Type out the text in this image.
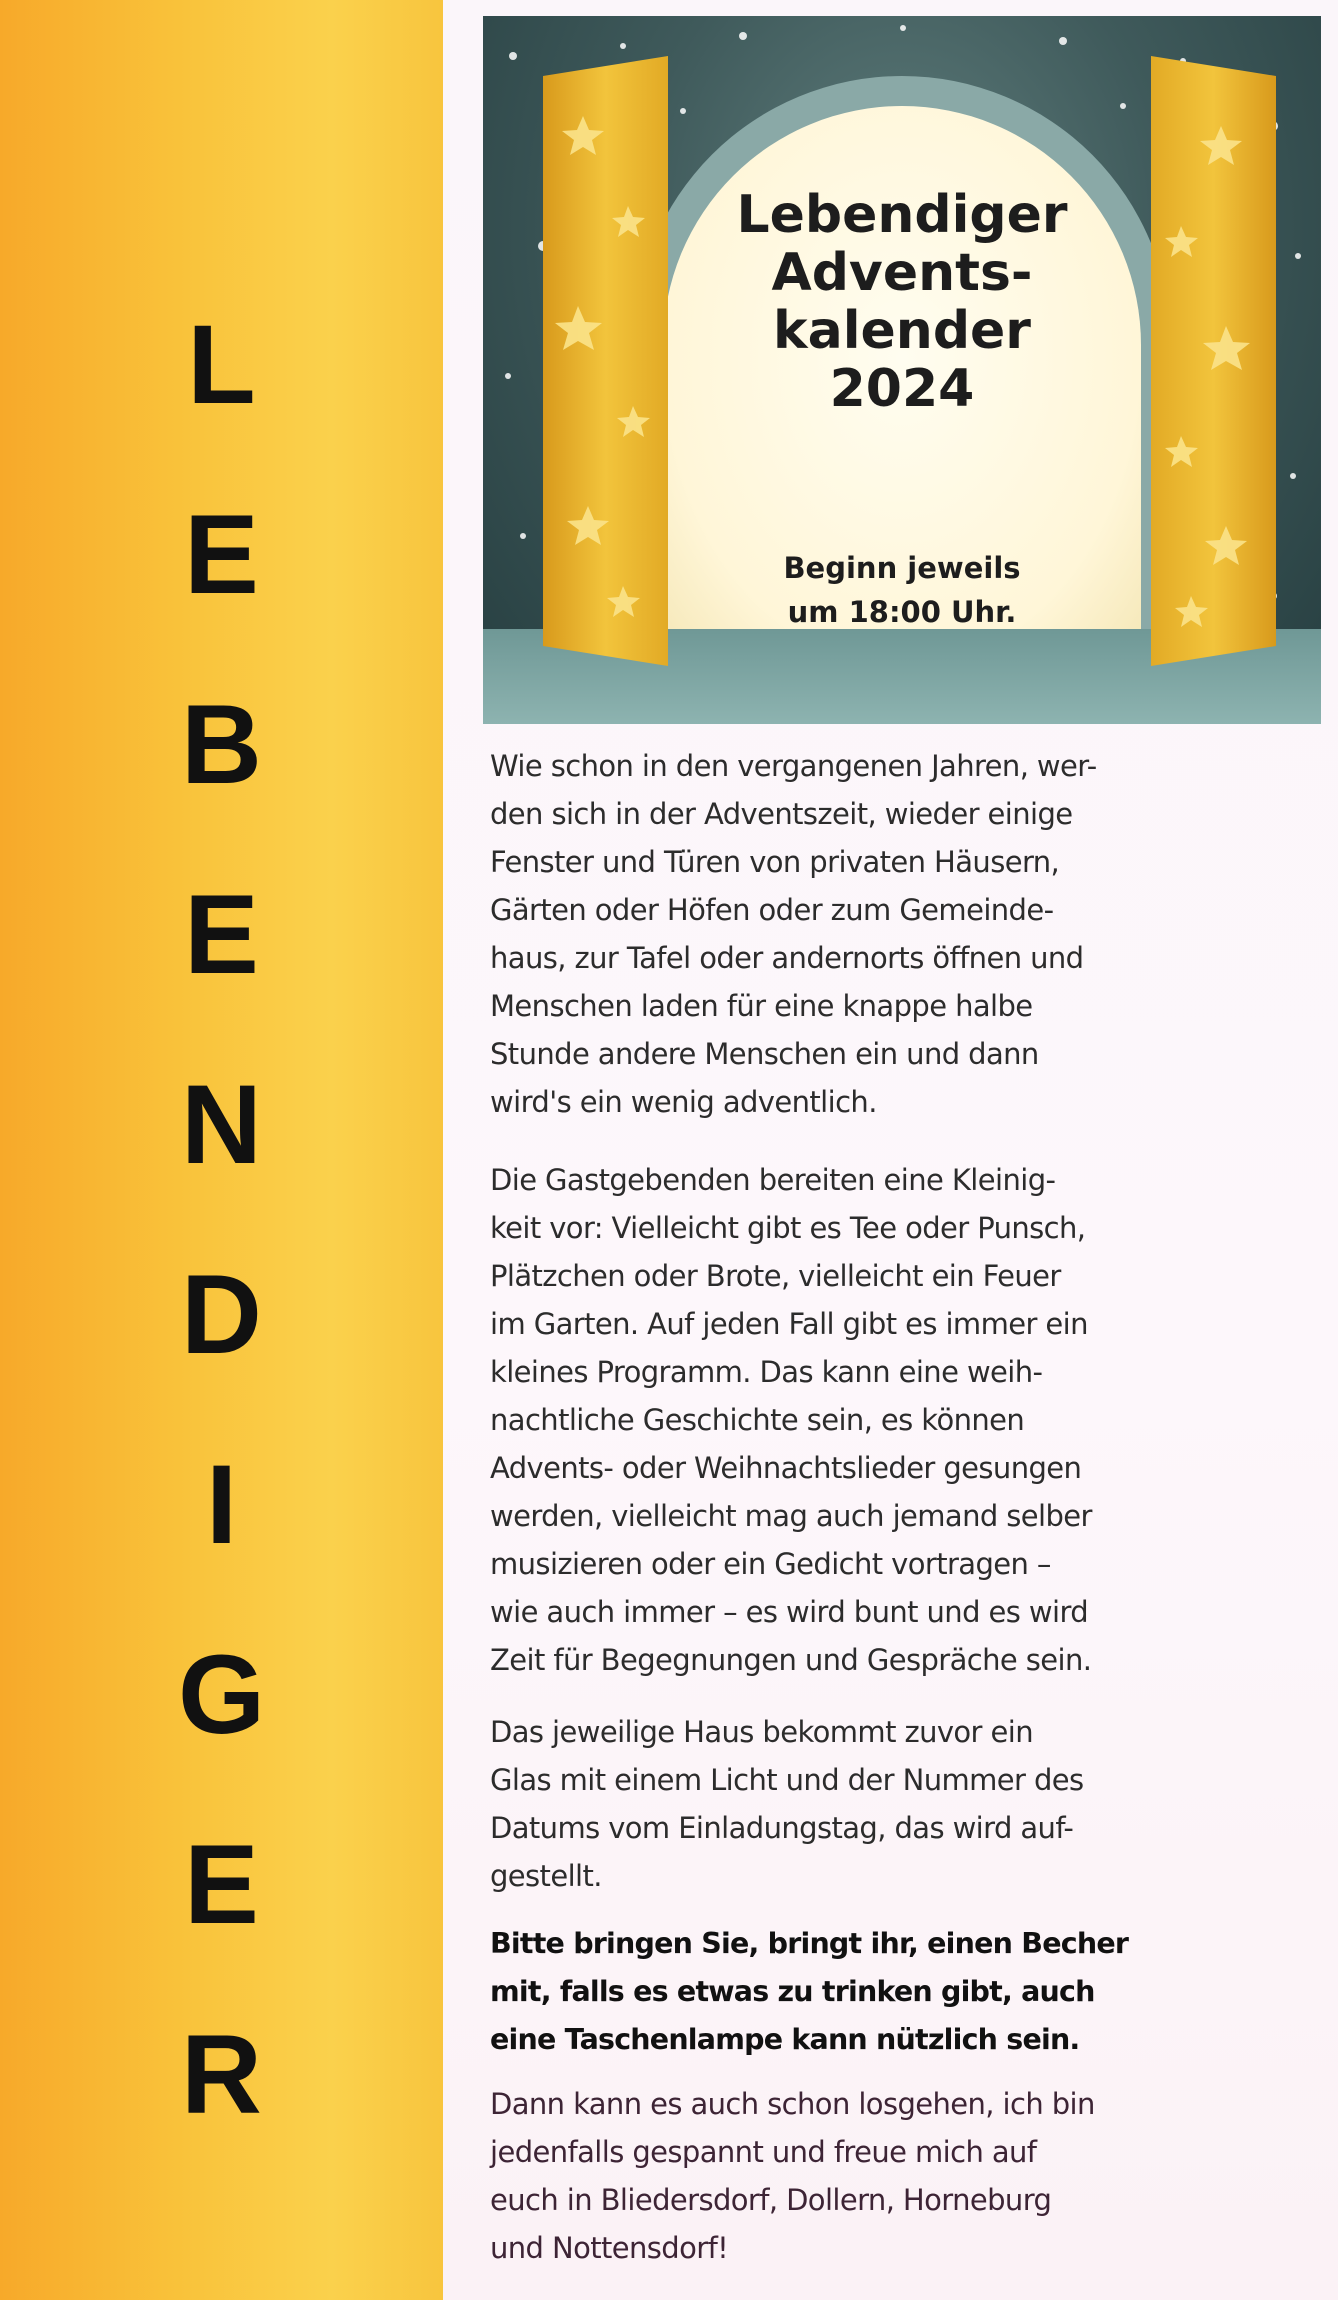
L
E
B
E
N
D
I
G
E
R
Lebendiger
Advents-
kalender
2024
Beginn jeweils
um 18:00 Uhr.
Wie schon in den vergangenen Jahren, wer-
den sich in der Adventszeit, wieder einige
Fenster und Türen von privaten Häusern,
Gärten oder Höfen oder zum Gemeinde-
haus, zur Tafel oder andernorts öffnen und
Menschen laden für eine knappe halbe
Stunde andere Menschen ein und dann
wird's ein wenig adventlich.
Die Gastgebenden bereiten eine Kleinig-
keit vor: Vielleicht gibt es Tee oder Punsch,
Plätzchen oder Brote, vielleicht ein Feuer
im Garten. Auf jeden Fall gibt es immer ein
kleines Programm. Das kann eine weih-
nachtliche Geschichte sein, es können
Advents- oder Weihnachtslieder gesungen
werden, vielleicht mag auch jemand selber
musizieren oder ein Gedicht vortragen –
wie auch immer – es wird bunt und es wird
Zeit für Begegnungen und Gespräche sein.
Das jeweilige Haus bekommt zuvor ein
Glas mit einem Licht und der Nummer des
Datums vom Einladungstag, das wird auf-
gestellt.
Bitte bringen Sie, bringt ihr, einen Becher
mit, falls es etwas zu trinken gibt, auch
eine Taschenlampe kann nützlich sein.
Dann kann es auch schon losgehen, ich bin
jedenfalls gespannt und freue mich auf
euch in Bliedersdorf, Dollern, Horneburg
und Nottensdorf!
